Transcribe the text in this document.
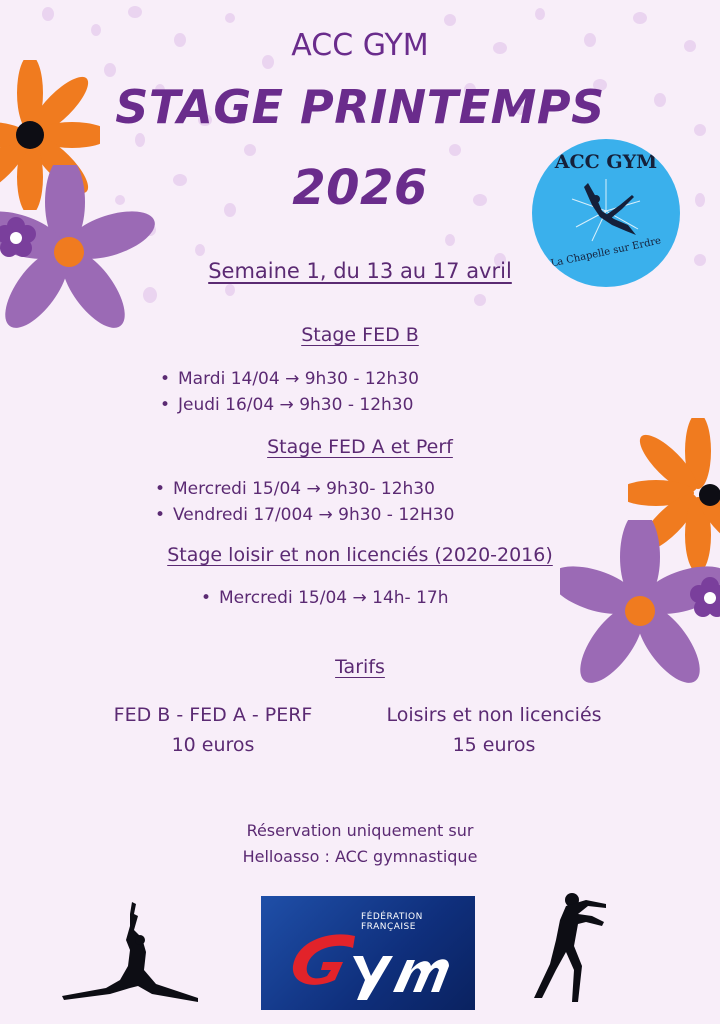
ACC GYM
STAGE PRINTEMPS
2026	ACC GYM
La Chapelle sur Erdre
Semaine 1, du 13 au 17 avril
Stage FED B
• Mardi 14/04 → 9h30 - 12h30
• Jeudi 16/04 → 9h30 - 12h30
Stage FED A et Perf
• Mercredi 15/04 → 9h30- 12h30
• Vendredi 17/004 → 9h30 - 12H30
Stage loisir et non licenciés (2020-2016)
• Mercredi 15/04 → 14h- 17h
Tarifs
FED B - FED A - PERF
10 euros
Loisirs et non licenciés
15 euros
Réservation uniquement sur
Helloasso : ACC gymnastique
FÉDÉRATION
FRANÇAISE
